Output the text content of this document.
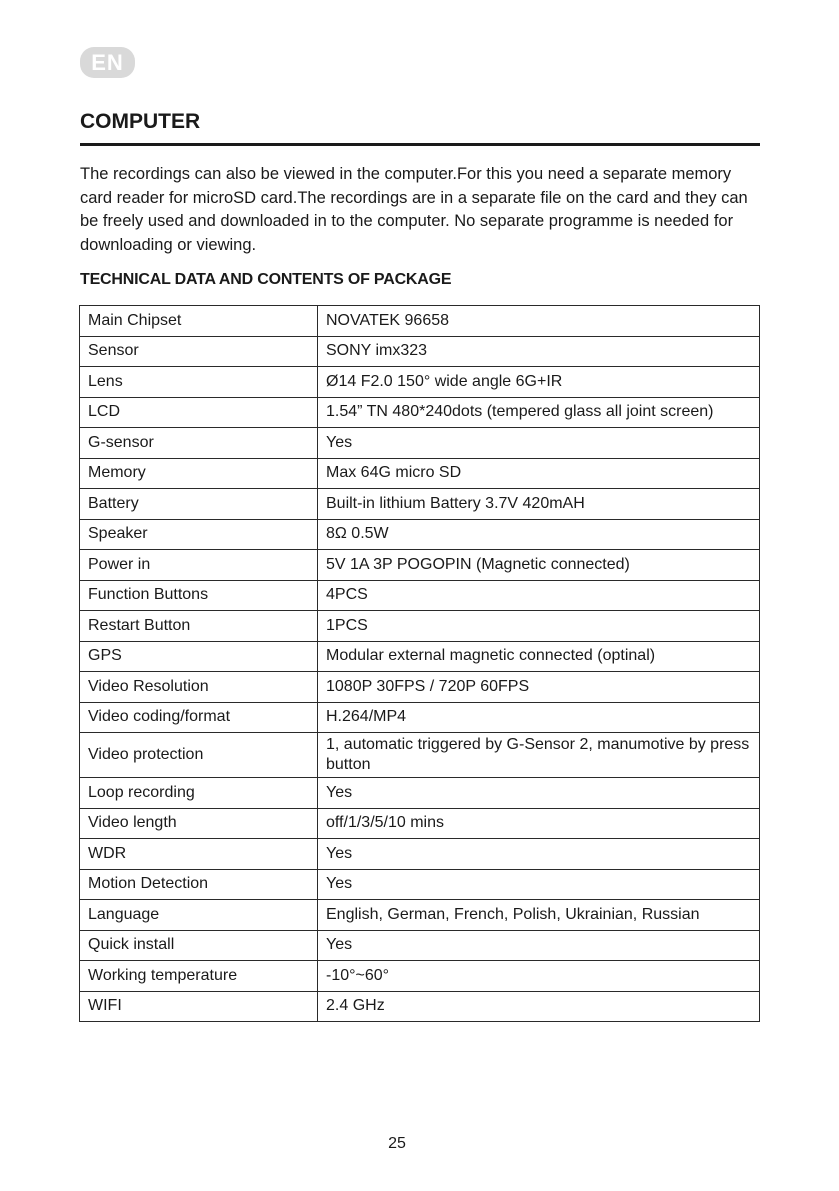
EN
COMPUTER

The recordings can also be viewed in the computer.For this you need a separate memory card reader for microSD card.The recordings are in a separate file on the card and they can be freely used and downloaded in to the computer. No separate programme is needed for downloading or viewing.

TECHNICAL DATA AND CONTENTS OF PACKAGE
Main Chipset	NOVATEK 96658
Sensor	SONY imx323
Lens	Ø14 F2.0 150° wide angle 6G+IR
LCD	1.54” TN 480*240dots (tempered glass all joint screen)
G-sensor	Yes
Memory	Max 64G micro SD
Battery	Built-in lithium Battery 3.7V 420mAH
Speaker	8Ω 0.5W
Power in	5V 1A 3P POGOPIN (Magnetic connected)
Function Buttons	4PCS
Restart Button	1PCS
GPS	Modular external magnetic connected (optinal)
Video Resolution	1080P 30FPS / 720P 60FPS
Video coding/format	H.264/MP4
Video protection	1, automatic triggered by G-Sensor 2, manumotive by press button
Loop recording	Yes
Video length	off/1/3/5/10 mins
WDR	Yes
Motion Detection	Yes
Language	English, German, French, Polish, Ukrainian, Russian
Quick install	Yes
Working temperature	-10°~60°
WIFI	2.4 GHz
25
